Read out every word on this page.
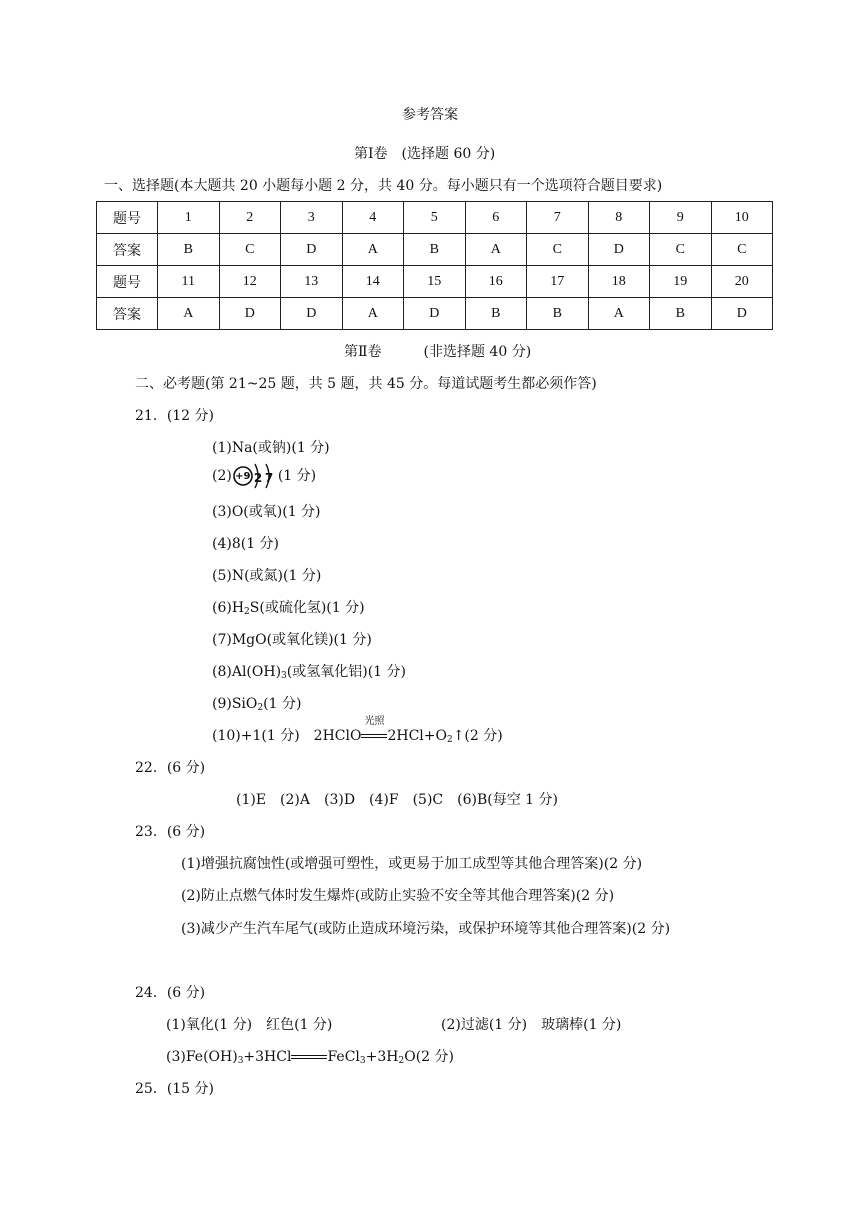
参考答案
第Ⅰ卷　(选择题 60 分)
一、选择题(本大题共 20 小题每小题 2 分，共 40 分。每小题只有一个选项符合题目要求)
题号	1	2	3	4	5	6	7	8	9	10
答案	B	C	D	A	B	A	C	D	C	C
题号	11	12	13	14	15	16	17	18	19	20
答案	A	D	D	A	D	B	B	A	B	D
第Ⅱ卷　　　(非选择题 40 分)
二、必考题(第 21~25 题，共 5 题，共 45 分。每道试题考生都必须作答)
21．(12 分)
(1)Na(或钠)(1 分)
(2) +9 2 7 (1 分)
(3)O(或氧)(1 分)
(4)8(1 分)
(5)N(或氮)(1 分)
$(6)H_2S$(或硫化氢)(1 分)
(7)MgO(或氧化镁)(1 分)
$(8)Al(OH)_3$(或氢氧化铝)(1 分)
(9)SiO$_2$(1 分)
(10)+1(1 分)　2HClO
光照
$2HCl+O_2↑(2$ 分)
22．(6 分)
(1)E　(2)A　(3)D　(4)F　(5)C　(6)B(每空 1 分)
23．(6 分)
(1)增强抗腐蚀性(或增强可塑性，或更易于加工成型等其他合理答案)(2 分)
(2)防止点燃气体时发生爆炸(或防止实验不安全等其他合理答案)(2 分)
(3)减少产生汽车尾气(或防止造成环境污染，或保护环境等其他合理答案)(2 分)
24．(6 分)
(1)氧化(1 分)　红色(1 分)	(2)过滤(1 分)　玻璃棒(1 分)
$(3)Fe(OH)_3+3HCl$	$FeCl_3+3H_2O(2$ 分)
25．(15 分)
